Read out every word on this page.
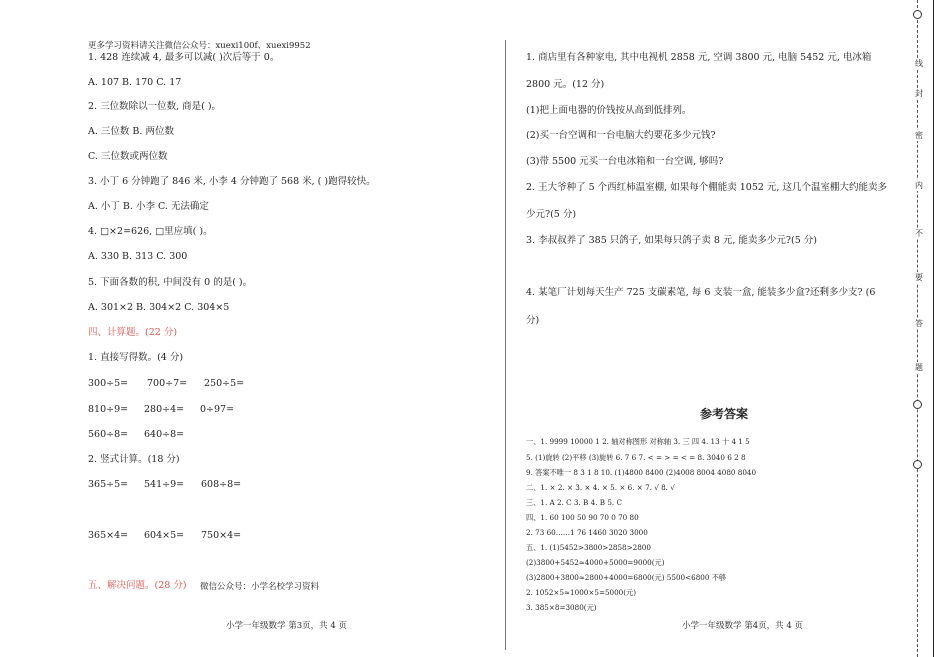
更多学习资料请关注微信公众号：xuexi100f、xuexi9952
1. 428 连续减 4, 最多可以减( )次后等于 0。
A. 107 B. 170 C. 17
2. 三位数除以一位数, 商是( )。
A. 三位数 B. 两位数
C. 三位数或两位数
3. 小丁 6 分钟跑了 846 米, 小李 4 分钟跑了 568 米, ( )跑得较快。
A. 小丁 B. 小李 C. 无法确定
4. □×2=626, □里应填( )。
A. 330 B. 313 C. 300
5. 下面各数的积, 中间没有 0 的是( )。
A. 301×2 B. 304×2 C. 304×5
四、计算题。(22 分)
1. 直接写得数。(4 分)
300÷5= 700÷7= 250÷5=
810÷9= 280÷4= 0÷97=
560÷8= 640÷8=
2. 竖式计算。(18 分)
365÷5= 541÷9= 608÷8=
365×4= 604×5= 750×4=
五、解决问题。(28 分) 微信公众号：小学名校学习资料
小学一年级数学 第3页，共 4 页
1. 商店里有各种家电, 其中电视机 2858 元, 空调 3800 元, 电脑 5452 元, 电冰箱
2800 元。(12 分)
(1)把上面电器的价钱按从高到低排列。
(2)买一台空调和一台电脑大约要花多少元钱?
(3)带 5500 元买一台电冰箱和一台空调, 够吗?
2. 王大爷种了 5 个西红柿温室棚, 如果每个棚能卖 1052 元, 这几个温室棚大约能卖多
少元?(5 分)
3. 李叔叔养了 385 只鸽子, 如果每只鸽子卖 8 元, 能卖多少元?(5 分)
4. 某笔厂计划每天生产 725 支碳素笔, 每 6 支装一盒, 能装多少盒?还剩多少支? (6
分)
参考答案
一、1. 9999 10000 1 2. 轴对称图形 对称轴 3. 三 四 4. 13 十 4 1 5
5. (1)旋转 (2)平移 (3)旋转 6. 7 6 7. < = > = < = 8. 3040 6 2 8
9. 答案不唯一 8 3 1 8 10. (1)4800 8400 (2)4008 8004 4080 8040
二、1. × 2. × 3. × 4. × 5. × 6. × 7. √ 8. √
三、1. A 2. C 3. B 4. B 5. C
四、1. 60 100 50 90 70 0 70 80
2. 73 60……1 76 1460 3020 3000
五、1. (1)5452>3800>2858>2800
(2)3800+5452≈4000+5000=9000(元)
(3)2800+3800≈2800+4000=6800(元) 5500<6800 不够
2. 1052×5≈1000×5=5000(元)
3. 385×8=3080(元)
小学一年级数学 第4页，共 4 页
线
封
密
内
不
要
答
题
